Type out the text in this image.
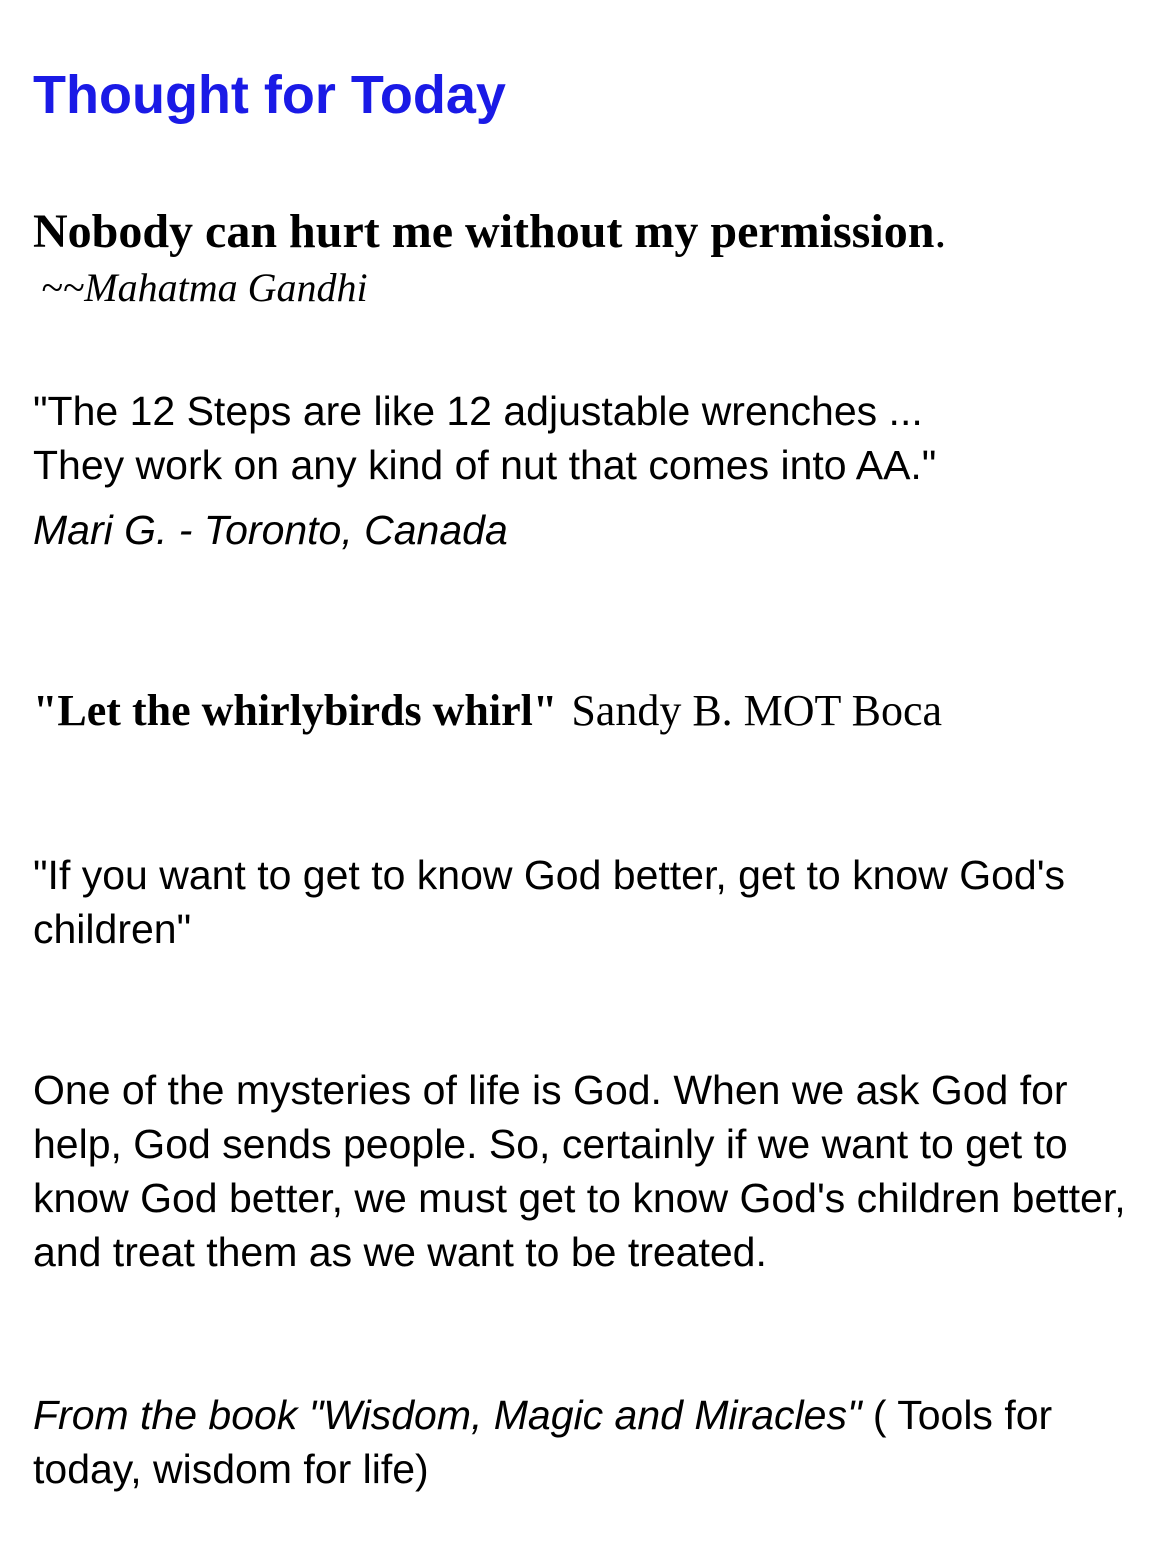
Thought for Today
Nobody can hurt me without my permission.
~~Mahatma Gandhi
"The 12 Steps are like 12 adjustable wrenches ...
They work on any kind of nut that comes into AA."
Mari G. - Toronto, Canada
"Let the whirlybirds whirl" Sandy B. MOT Boca
"If you want to get to know God better, get to know God's children"
One of the mysteries of life is God. When we ask God for help, God sends people. So, certainly if we want to get to know God better, we must get to know God's children better, and treat them as we want to be treated.
From the book "Wisdom, Magic and Miracles" ( Tools for today, wisdom for life)
